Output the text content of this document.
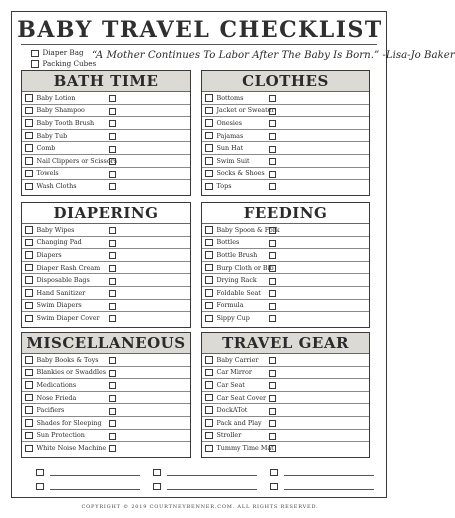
BABY TRAVEL CHECKLIST
Diaper Bag
Packing Cubes
“A Mother Continues To Labor After The Baby Is Born.” -Lisa-Jo Baker
BATH TIME
Baby Lotion
Baby Shampoo
Baby Tooth Brush
Baby Tub
Comb
Nail Clippers or Scissors
Towels
Wash Cloths
CLOTHES
Bottoms
Jacket or Sweater
Onesies
Pajamas
Sun Hat
Swim Suit
Socks & Shoes
Tops
DIAPERING
Baby Wipes
Changing Pad
Diapers
Diaper Rash Cream
Disposable Bags
Hand Sanitizer
Swim Diapers
Swim Diaper Cover
FEEDING
Baby Spoon & Fork
Bottles
Bottle Brush
Burp Cloth or Bib
Drying Rack
Foldable Seat
Formula
Sippy Cup
MISCELLANEOUS
Baby Books & Toys
Blankies or Swaddles
Medications
Nose Frieda
Pacifiers
Shades for Sleeping
Sun Protection
White Noise Machine
TRAVEL GEAR
Baby Carrier
Car Mirror
Car Seat
Car Seat Cover
DockATot
Pack and Play
Stroller
Tummy Time Mat
COPYRIGHT © 2019 COURTNEYBENNER.COM. ALL RIGHTS RESERVED.
